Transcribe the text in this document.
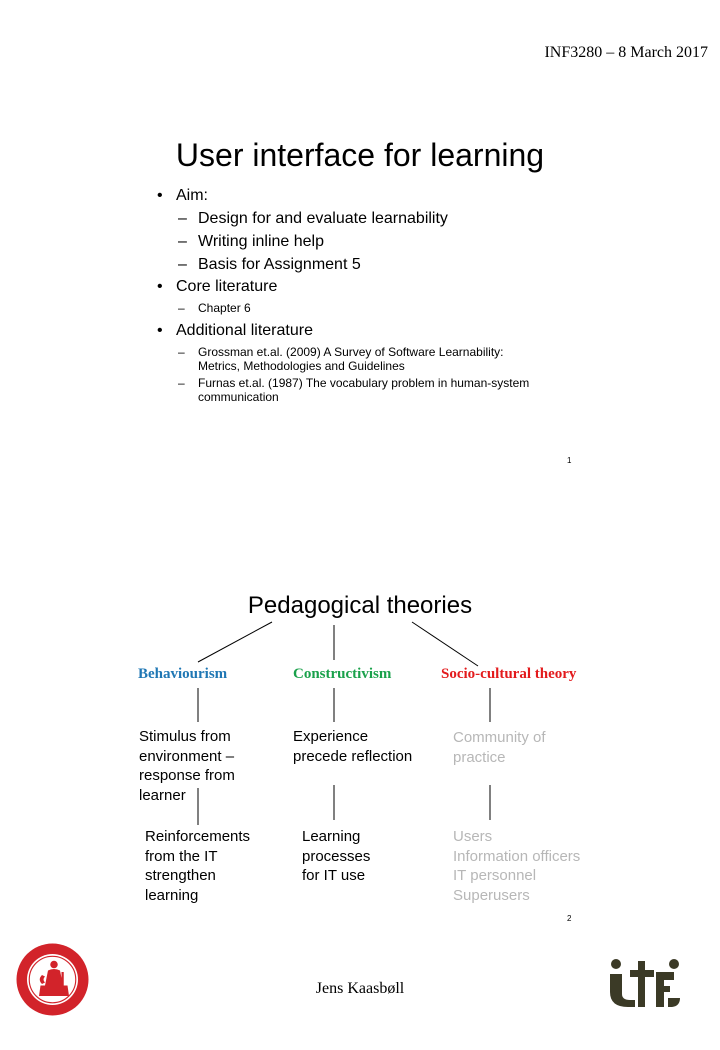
INF3280 – 8 March 2017
User interface for learning
• Aim:
– Design for and evaluate learnability
– Writing inline help
– Basis for Assignment 5
• Core literature
– Chapter 6
• Additional literature
– Grossman et.al. (2009) A Survey of Software Learnability:
Metrics, Methodologies and Guidelines
– Furnas et.al. (1987) The vocabulary problem in human-system
communication
1
Pedagogical theories
Behaviourism	Constructivism	Socio-cultural theory
Stimulus from
environment –
response from
learner
Experience
precede reflection
Community of
practice
Reinforcements
from the IT
strengthen
learning
Learning
processes
for IT use
Users
Information officers
IT personnel
Superusers
2
Jens Kaasbøll
